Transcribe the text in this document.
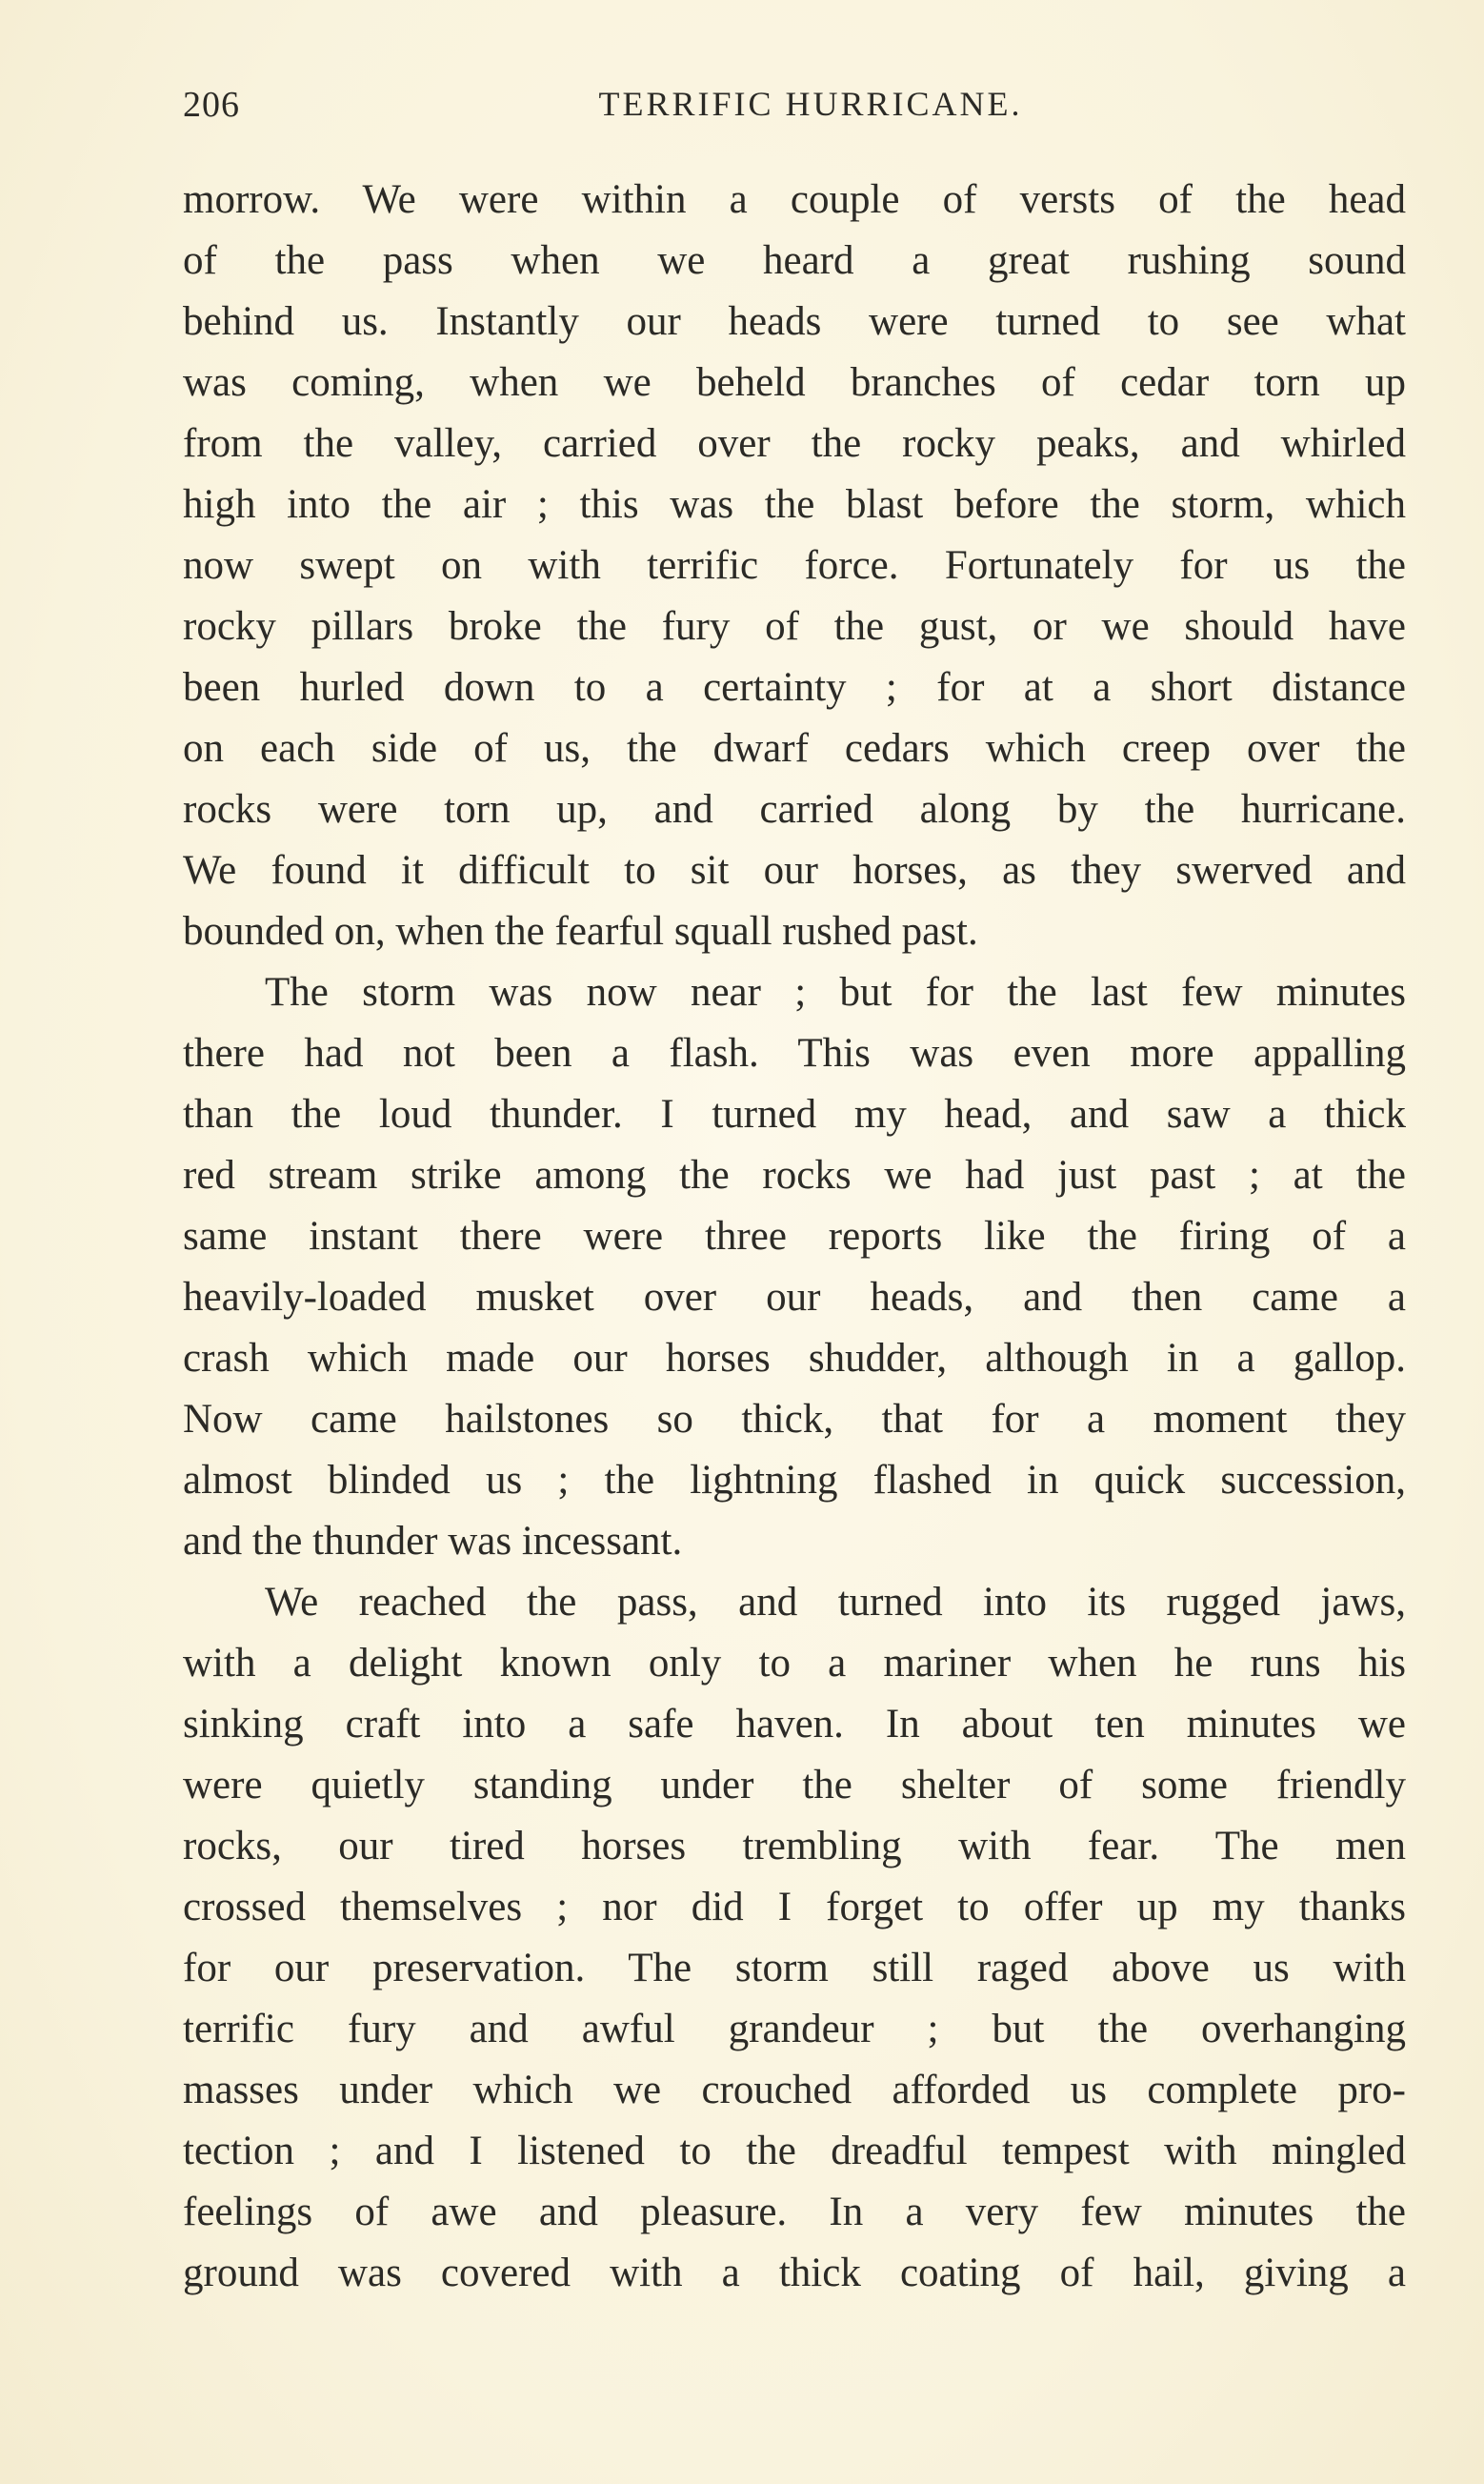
206	TERRIFIC HURRICANE.
morrow. We were within a couple of versts of the head
of the pass when we heard a great rushing sound
behind us. Instantly our heads were turned to see what
was coming, when we beheld branches of cedar torn up
from the valley, carried over the rocky peaks, and whirled
high into the air ; this was the blast before the storm, which
now swept on with terrific force. Fortunately for us the
rocky pillars broke the fury of the gust, or we should have
been hurled down to a certainty ; for at a short distance
on each side of us, the dwarf cedars which creep over the
rocks were torn up, and carried along by the hurricane.
We found it difficult to sit our horses, as they swerved and
bounded on, when the fearful squall rushed past.
The storm was now near ; but for the last few minutes
there had not been a flash. This was even more appalling
than the loud thunder. I turned my head, and saw a thick
red stream strike among the rocks we had just past ; at the
same instant there were three reports like the firing of a
heavily-loaded musket over our heads, and then came a
crash which made our horses shudder, although in a gallop.
Now came hailstones so thick, that for a moment they
almost blinded us ; the lightning flashed in quick succession,
and the thunder was incessant.
We reached the pass, and turned into its rugged jaws,
with a delight known only to a mariner when he runs his
sinking craft into a safe haven. In about ten minutes we
were quietly standing under the shelter of some friendly
rocks, our tired horses trembling with fear. The men
crossed themselves ; nor did I forget to offer up my thanks
for our preservation. The storm still raged above us with
terrific fury and awful grandeur ; but the overhanging
masses under which we crouched afforded us complete pro-
tection ; and I listened to the dreadful tempest with mingled
feelings of awe and pleasure. In a very few minutes the
ground was covered with a thick coating of hail, giving a
